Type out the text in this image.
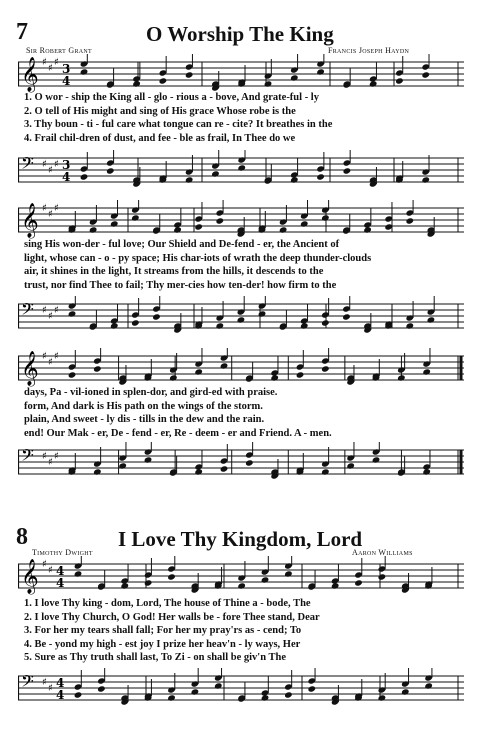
7	O Worship The King
Sir Robert Grant	Francis Joseph Haydn
𝄞 ♯
♯
♯ 3
4
1. O wor - ship the King all - glo - rious a - bove, And grate-ful - ly
2. O tell of His might and sing of His grace Whose robe is the
3. Thy boun - ti - ful care what tongue can re - cite? It breathes in the
4. Frail chil-dren of dust, and fee - ble as frail, In Thee do we
𝄢 ♯
♯
♯ 3
4
𝄞 ♯
♯
♯
sing His won-der - ful love; Our Shield and De-fend - er, the Ancient of
light, whose can - o - py space; His char-iots of wrath the deep thunder-clouds
air, it shines in the light, It streams from the hills, it descends to the
trust, nor find Thee to fail; Thy mer-cies how ten-der! how firm to the
𝄢 ♯
♯
♯
𝄞 ♯
♯
♯
days, Pa - vil-ioned in splen-dor, and gird-ed with praise.
form, And dark is His path on the wings of the storm.
plain, And sweet - ly dis - tills in the dew and the rain.
end! Our Mak - er, De - fend - er, Re - deem - er and Friend. A - men.
𝄢 ♯
♯
♯
8	I Love Thy Kingdom, Lord
Timothy Dwight	Aaron Williams
𝄞 ♯
♯ 4
4
1. I love Thy king - dom, Lord, The house of Thine a - bode, The
2. I love Thy Church, O God! Her walls be - fore Thee stand, Dear
3. For her my tears shall fall; For her my pray'rs as - cend; To
4. Be - yond my high - est joy I prize her heav'n - ly ways, Her
5. Sure as Thy truth shall last, To Zi - on shall be giv'n The
𝄢 ♯
♯ 4
4
